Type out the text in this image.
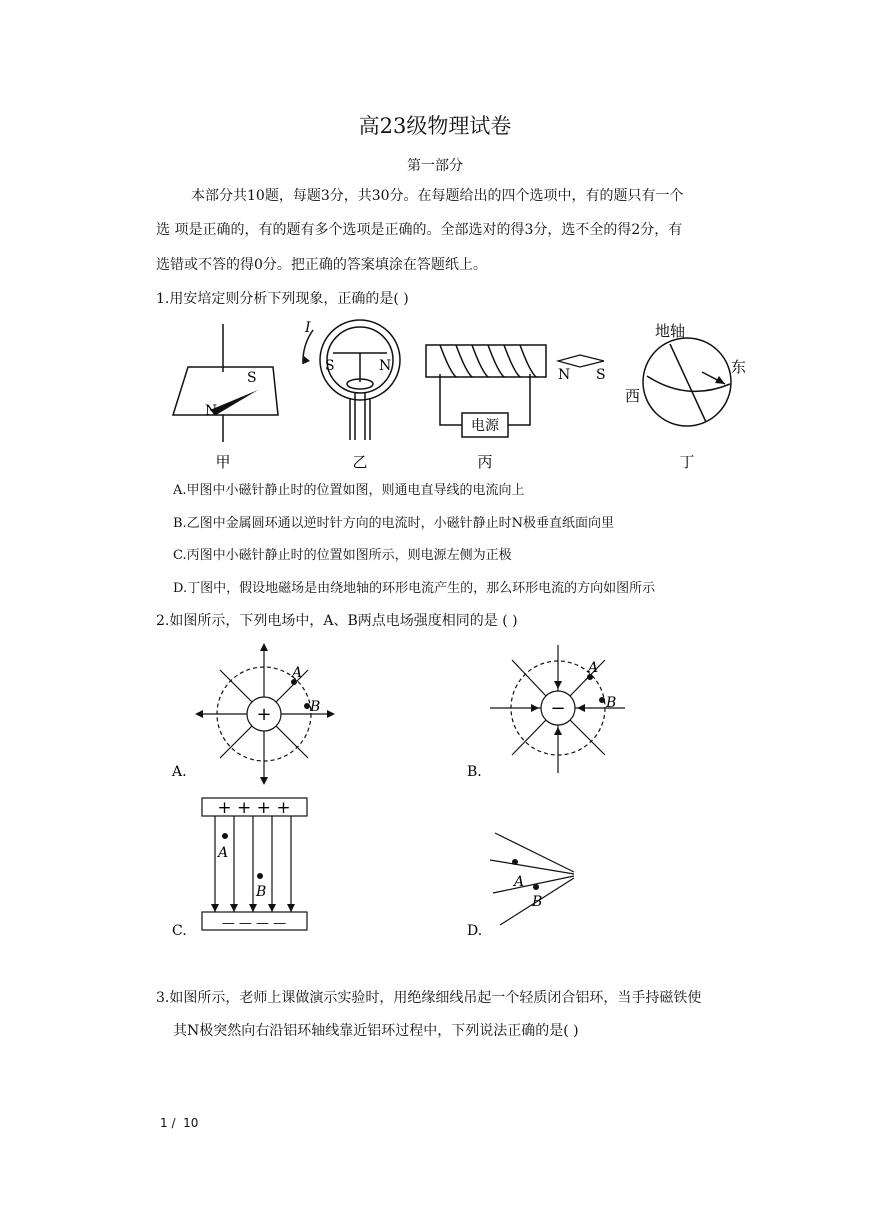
高23级物理试卷
第一部分
本部分共10题，每题3分，共30分。在每题给出的四个选项中，有的题只有一个
选 项是正确的，有的题有多个选项是正确的。全部选对的得3分，选不全的得2分，有
选错或不答的得0分。把正确的答案填涂在答题纸上。
1.用安培定则分析下列现象，正确的是( )
S
N
S	N
I
N S
电源
地轴
东
西
甲	乙	丙	丁
A.甲图中小磁针静止时的位置如图，则通电直导线的电流向上
B.乙图中金属圆环通以逆时针方向的电流时，小磁针静止时N极垂直纸面向里
C.丙图中小磁针静止时的位置如图所示，则电源左侧为正极
D.丁图中，假设地磁场是由绕地轴的环形电流产生的，那么环形电流的方向如图所示
2.如图所示，下列电场中，A、B两点电场强度相同的是 ( )
A
B
A
B
A
B
A
B
+	−
+ + + +
— — — —
A.	B.
C.	D.
3.如图所示，老师上课做演示实验时，用绝缘细线吊起一个轻质闭合铝环，当手持磁铁使
其N极突然向右沿铝环轴线靠近铝环过程中，下列说法正确的是( )
1 /  10
